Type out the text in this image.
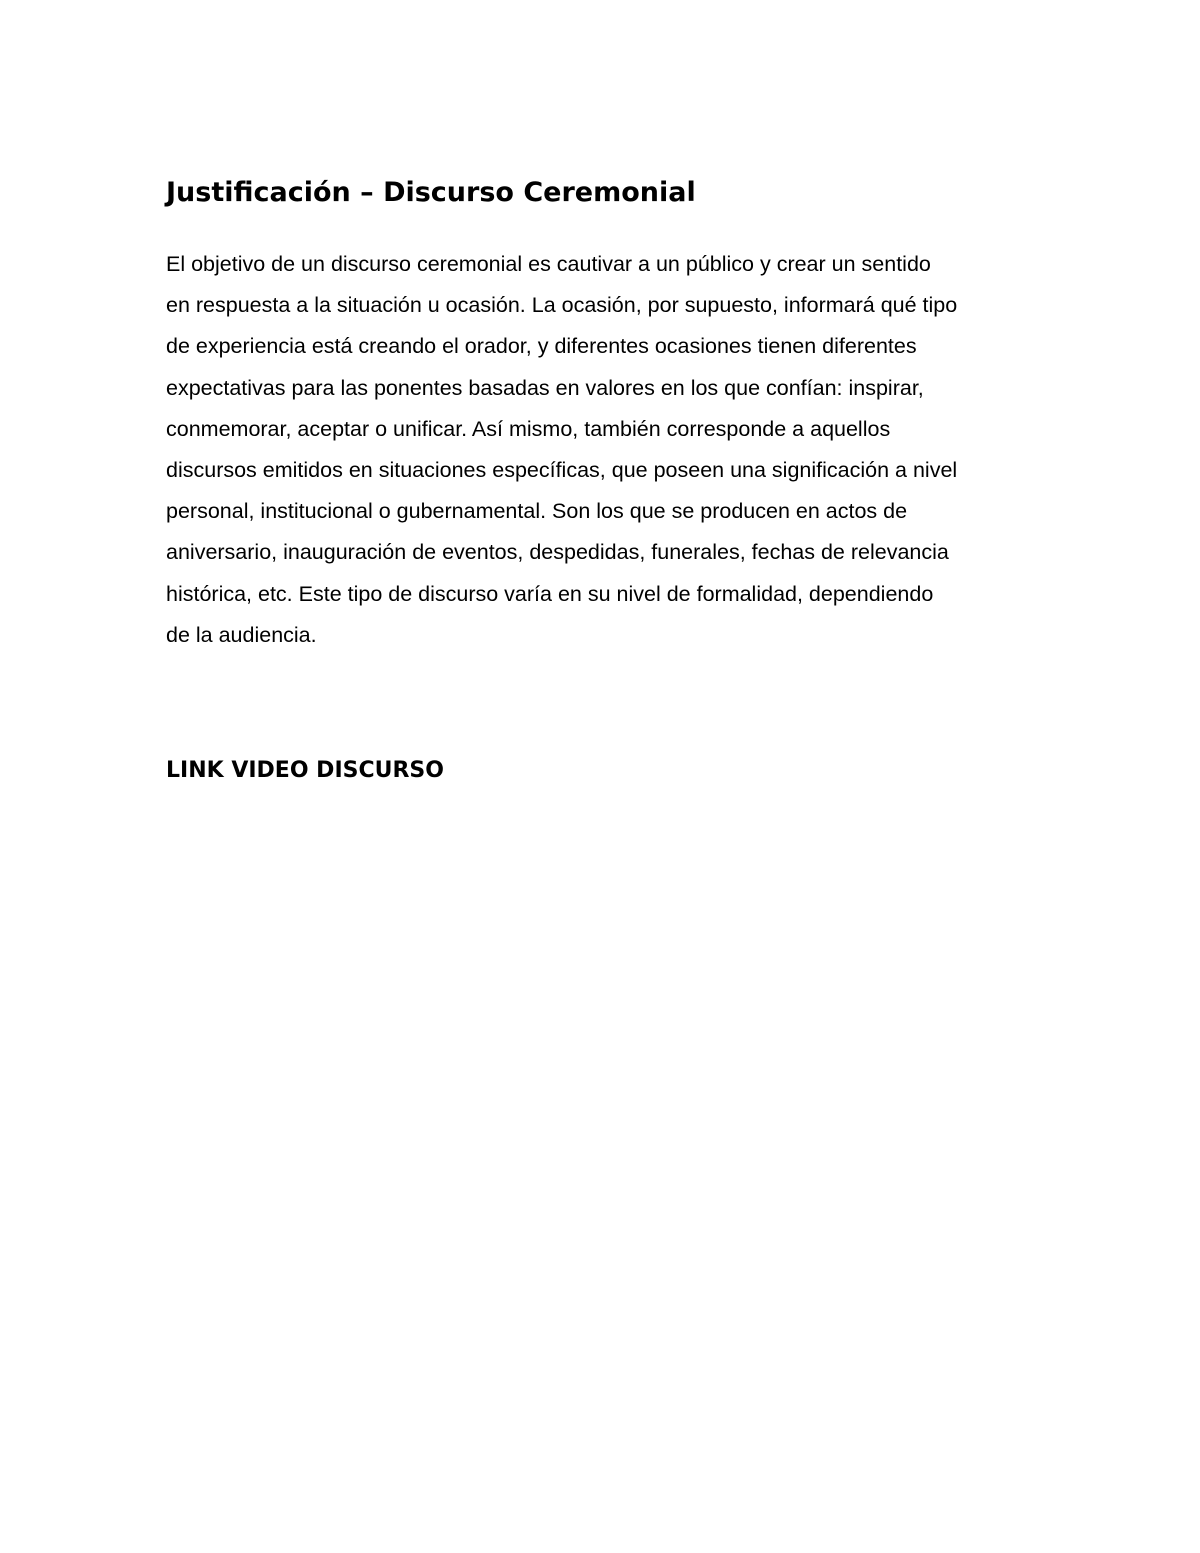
Justificación – Discurso Ceremonial

El objetivo de un discurso ceremonial es cautivar a un público y crear un sentido
en respuesta a la situación u ocasión. La ocasión, por supuesto, informará qué tipo
de experiencia está creando el orador, y diferentes ocasiones tienen diferentes
expectativas para las ponentes basadas en valores en los que confían: inspirar,
conmemorar, aceptar o unificar. Así mismo, también corresponde a aquellos
discursos emitidos en situaciones específicas, que poseen una significación a nivel
personal, institucional o gubernamental. Son los que se producen en actos de
aniversario, inauguración de eventos, despedidas, funerales, fechas de relevancia
histórica, etc. Este tipo de discurso varía en su nivel de formalidad, dependiendo
de la audiencia.

LINK VIDEO DISCURSO
